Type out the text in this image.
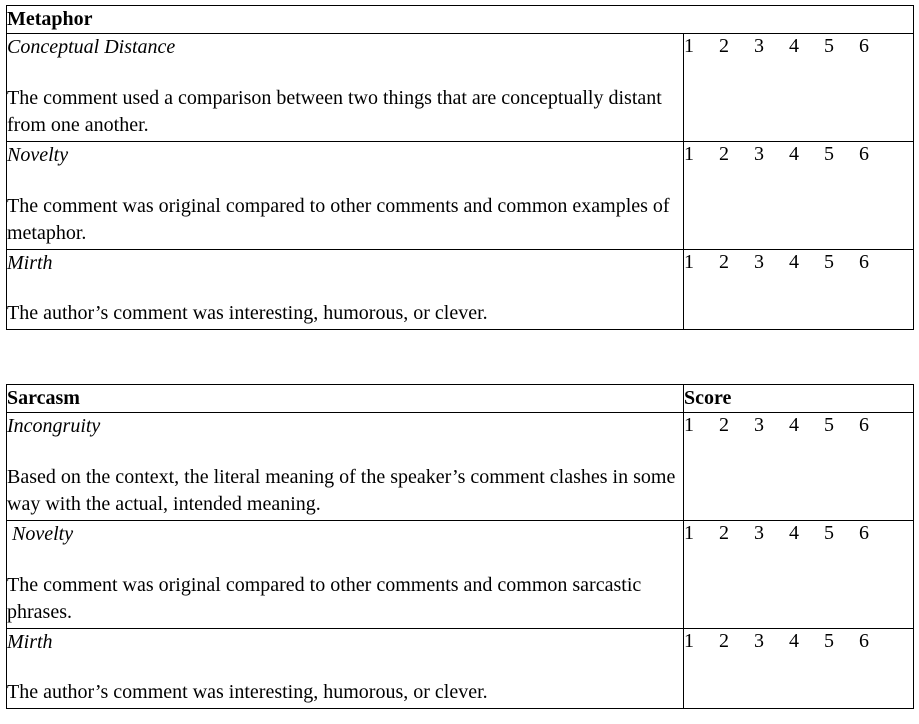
Metaphor	

Conceptual Distance
The comment used a comparison between two things that are conceptually distant from one another.	1 2 3 4 5 6

Novelty
The comment was original compared to other comments and common examples of metaphor.	1 2 3 4 5 6

Mirth
The author’s comment was interesting, humorous, or clever.	1 2 3 4 5 6
Sarcasm	Score

Incongruity
Based on the context, the literal meaning of the speaker’s comment clashes in some way with the actual, intended meaning.	1 2 3 4 5 6

Novelty
The comment was original compared to other comments and common sarcastic phrases.	1 2 3 4 5 6

Mirth
The author’s comment was interesting, humorous, or clever.	1 2 3 4 5 6
